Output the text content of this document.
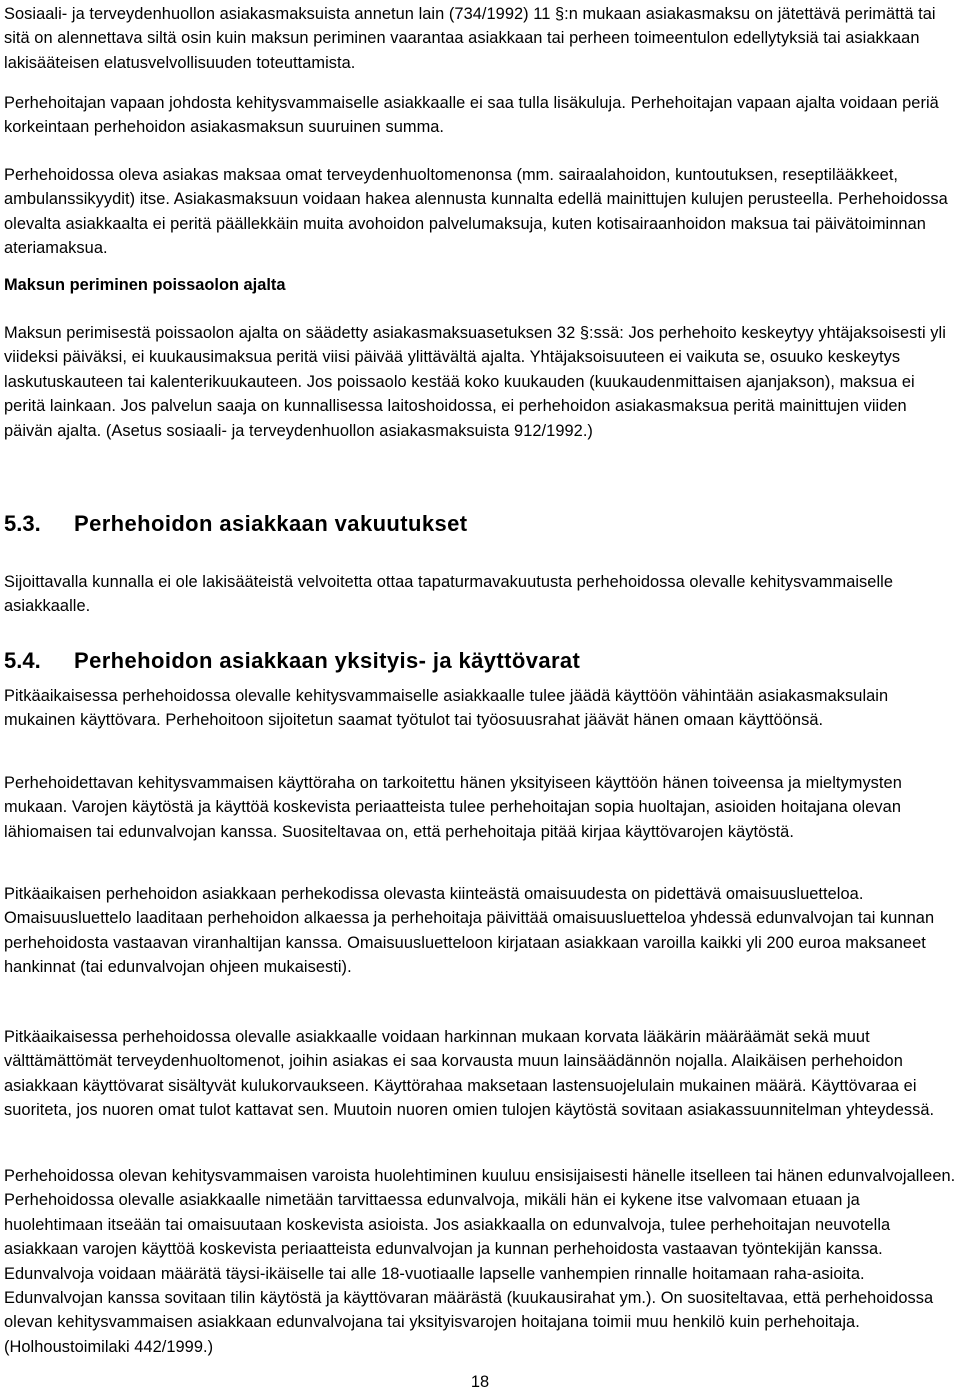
Sosiaali- ja terveydenhuollon asiakasmaksuista annetun lain (734/1992) 11 §:n mukaan asiakasmaksu on jätettävä perimättä tai sitä on alennettava siltä osin kuin maksun periminen vaarantaa asiakkaan tai perheen toimeentulon edellytyksiä tai asiakkaan lakisääteisen elatusvelvollisuuden toteuttamista.

Perhehoitajan vapaan johdosta kehitysvammaiselle asiakkaalle ei saa tulla lisäkuluja. Perhehoitajan vapaan ajalta voidaan periä korkeintaan perhehoidon asiakasmaksun suuruinen summa.

Perhehoidossa oleva asiakas maksaa omat terveydenhuoltomenonsa (mm. sairaalahoidon, kuntoutuksen, reseptilääkkeet, ambulanssikyydit) itse. Asiakasmaksuun voidaan hakea alennusta kunnalta edellä mainittujen kulujen perusteella. Perhehoidossa olevalta asiakkaalta ei peritä päällekkäin muita avohoidon palvelumaksuja, kuten kotisairaanhoidon maksua tai päivätoiminnan ateriamaksua.

Maksun periminen poissaolon ajalta

Maksun perimisestä poissaolon ajalta on säädetty asiakasmaksuasetuksen 32 §:ssä: Jos perhehoito keskeytyy yhtäjaksoisesti yli viideksi päiväksi, ei kuukausimaksua peritä viisi päivää ylittävältä ajalta. Yhtäjaksoisuuteen ei vaikuta se, osuuko keskeytys laskutuskauteen tai kalenterikuukauteen. Jos poissaolo kestää koko kuukauden (kuukaudenmittaisen ajanjakson), maksua ei peritä lainkaan. Jos palvelun saaja on kunnallisessa laitoshoidossa, ei perhehoidon asiakasmaksua peritä mainittujen viiden päivän ajalta. (Asetus sosiaali- ja terveydenhuollon asiakasmaksuista 912/1992.)

5.3.	Perhehoidon asiakkaan vakuutukset

Sijoittavalla kunnalla ei ole lakisääteistä velvoitetta ottaa tapaturmavakuutusta perhehoidossa olevalle kehitysvammaiselle asiakkaalle.

5.4.	Perhehoidon asiakkaan yksityis- ja käyttövarat

Pitkäaikaisessa perhehoidossa olevalle kehitysvammaiselle asiakkaalle tulee jäädä käyttöön vähintään asiakasmaksulain mukainen käyttövara. Perhehoitoon sijoitetun saamat työtulot tai työosuusrahat jäävät hänen omaan käyttöönsä.

Perhehoidettavan kehitysvammaisen käyttöraha on tarkoitettu hänen yksityiseen käyttöön hänen toiveensa ja mieltymysten mukaan. Varojen käytöstä ja käyttöä koskevista periaatteista tulee perhehoitajan sopia huoltajan, asioiden hoitajana olevan lähiomaisen tai edunvalvojan kanssa. Suositeltavaa on, että perhehoitaja pitää kirjaa käyttövarojen käytöstä.

Pitkäaikaisen perhehoidon asiakkaan perhekodissa olevasta kiinteästä omaisuudesta on pidettävä omaisuusluetteloa. Omaisuusluettelo laaditaan perhehoidon alkaessa ja perhehoitaja päivittää omaisuusluetteloa yhdessä edunvalvojan tai kunnan perhehoidosta vastaavan viranhaltijan kanssa. Omaisuusluetteloon kirjataan asiakkaan varoilla kaikki yli 200 euroa maksaneet hankinnat (tai edunvalvojan ohjeen mukaisesti).

Pitkäaikaisessa perhehoidossa olevalle asiakkaalle voidaan harkinnan mukaan korvata lääkärin määräämät sekä muut välttämättömät terveydenhuoltomenot, joihin asiakas ei saa korvausta muun lainsäädännön nojalla. Alaikäisen perhehoidon asiakkaan käyttövarat sisältyvät kulukorvaukseen. Käyttörahaa maksetaan lastensuojelulain mukainen määrä. Käyttövaraa ei suoriteta, jos nuoren omat tulot kattavat sen. Muutoin nuoren omien tulojen käytöstä sovitaan asiakassuunnitelman yhteydessä.

Perhehoidossa olevan kehitysvammaisen varoista huolehtiminen kuuluu ensisijaisesti hänelle itselleen tai hänen edunvalvojalleen. Perhehoidossa olevalle asiakkaalle nimetään tarvittaessa edunvalvoja, mikäli hän ei kykene itse valvomaan etuaan ja huolehtimaan itseään tai omaisuutaan koskevista asioista. Jos asiakkaalla on edunvalvoja, tulee perhehoitajan neuvotella asiakkaan varojen käyttöä koskevista periaatteista edunvalvojan ja kunnan perhehoidosta vastaavan työntekijän kanssa. Edunvalvoja voidaan määrätä täysi-ikäiselle tai alle 18-vuotiaalle lapselle vanhempien rinnalle hoitamaan raha-asioita. Edunvalvojan kanssa sovitaan tilin käytöstä ja käyttövaran määrästä (kuukausirahat ym.). On suositeltavaa, että perhehoidossa olevan kehitysvammaisen asiakkaan edunvalvojana tai yksityisvarojen hoitajana toimii muu henkilö kuin perhehoitaja. (Holhoustoimilaki 442/1999.)

18
